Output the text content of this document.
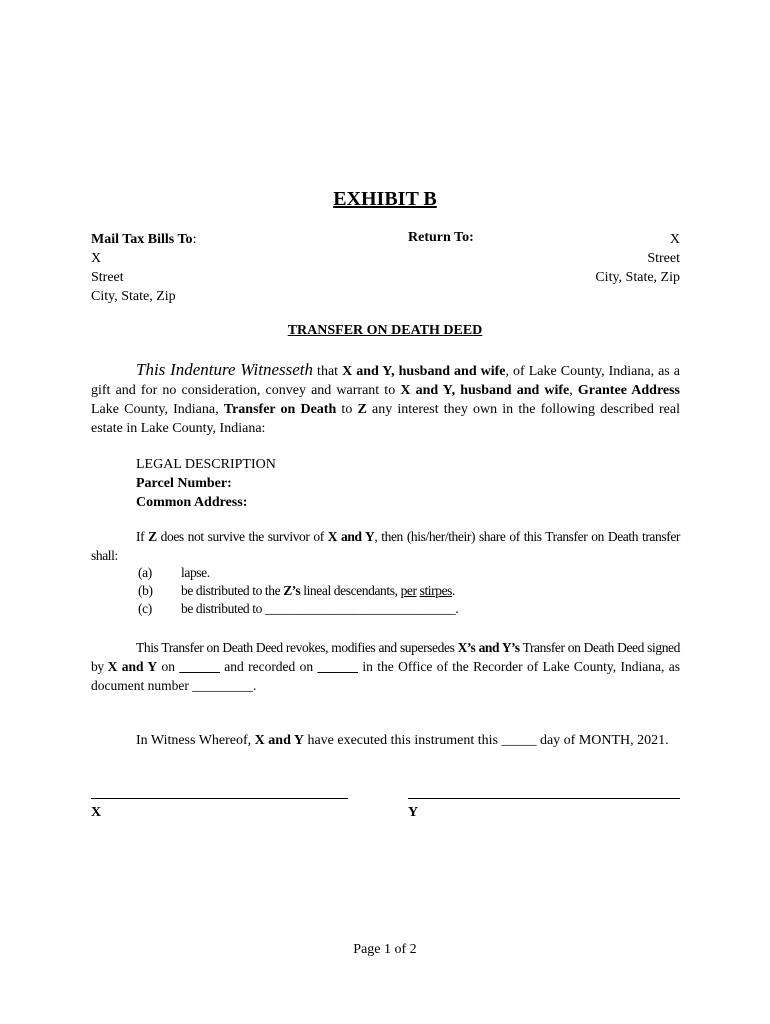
EXHIBIT B
Mail Tax Bills To:
X
Street
City, State, Zip
Return To:	X
Street
City, State, Zip
TRANSFER ON DEATH DEED
This Indenture Witnesseth that X and Y, husband and wife, of Lake County, Indiana, as a gift and for no consideration, convey and warrant to X and Y, husband and wife, Grantee Address Lake County, Indiana, Transfer on Death to Z any interest they own in the following described real estate in Lake County, Indiana:
LEGAL DESCRIPTION
Parcel Number:
Common Address:
If Z does not survive the survivor of X and Y, then (his/her/their) share of this Transfer on Death transfer shall:
(a)	lapse.
(b)	be distributed to the Z’s lineal descendants, per stirpes.
(c)	be distributed to ______________________________.
This Transfer on Death Deed revokes, modifies and supersedes X’s and Y’s Transfer on Death Deed signed by X and Y on ______ and recorded on ______ in the Office of the Recorder of Lake County, Indiana, as document number _________.
In Witness Whereof, X and Y have executed this instrument this _____ day of MONTH, 2021.
X	Y
Page 1 of 2
